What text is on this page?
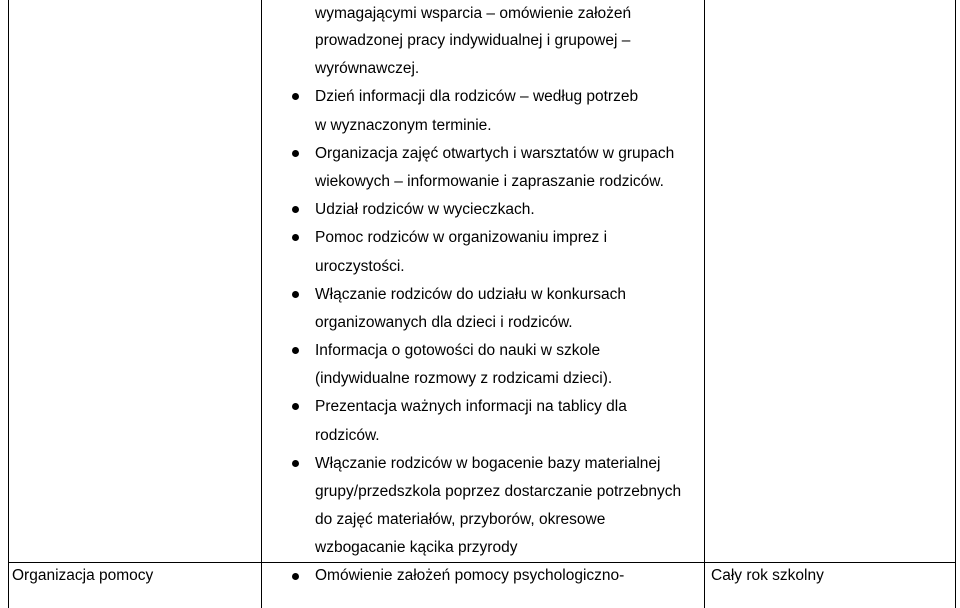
wymagającymi wsparcia – omówienie założeń
prowadzonej pracy indywidualnej i grupowej –
wyrównawczej.
Dzień informacji dla rodziców – według potrzeb
w wyznaczonym terminie.
Organizacja zajęć otwartych i warsztatów w grupach
wiekowych – informowanie i zapraszanie rodziców.
Udział rodziców w wycieczkach.
Pomoc rodziców w organizowaniu imprez i
uroczystości.
Włączanie rodziców do udziału w konkursach
organizowanych dla dzieci i rodziców.
Informacja o gotowości do nauki w szkole
(indywidualne rozmowy z rodzicami dzieci).
Prezentacja ważnych informacji na tablicy dla
rodziców.
Włączanie rodziców w bogacenie bazy materialnej
grupy/przedszkola poprzez dostarczanie potrzebnych
do zajęć materiałów, przyborów, okresowe
wzbogacanie kącika przyrody
Organizacja pomocy	Omówienie założeń pomocy psychologiczno-	Cały rok szkolny
